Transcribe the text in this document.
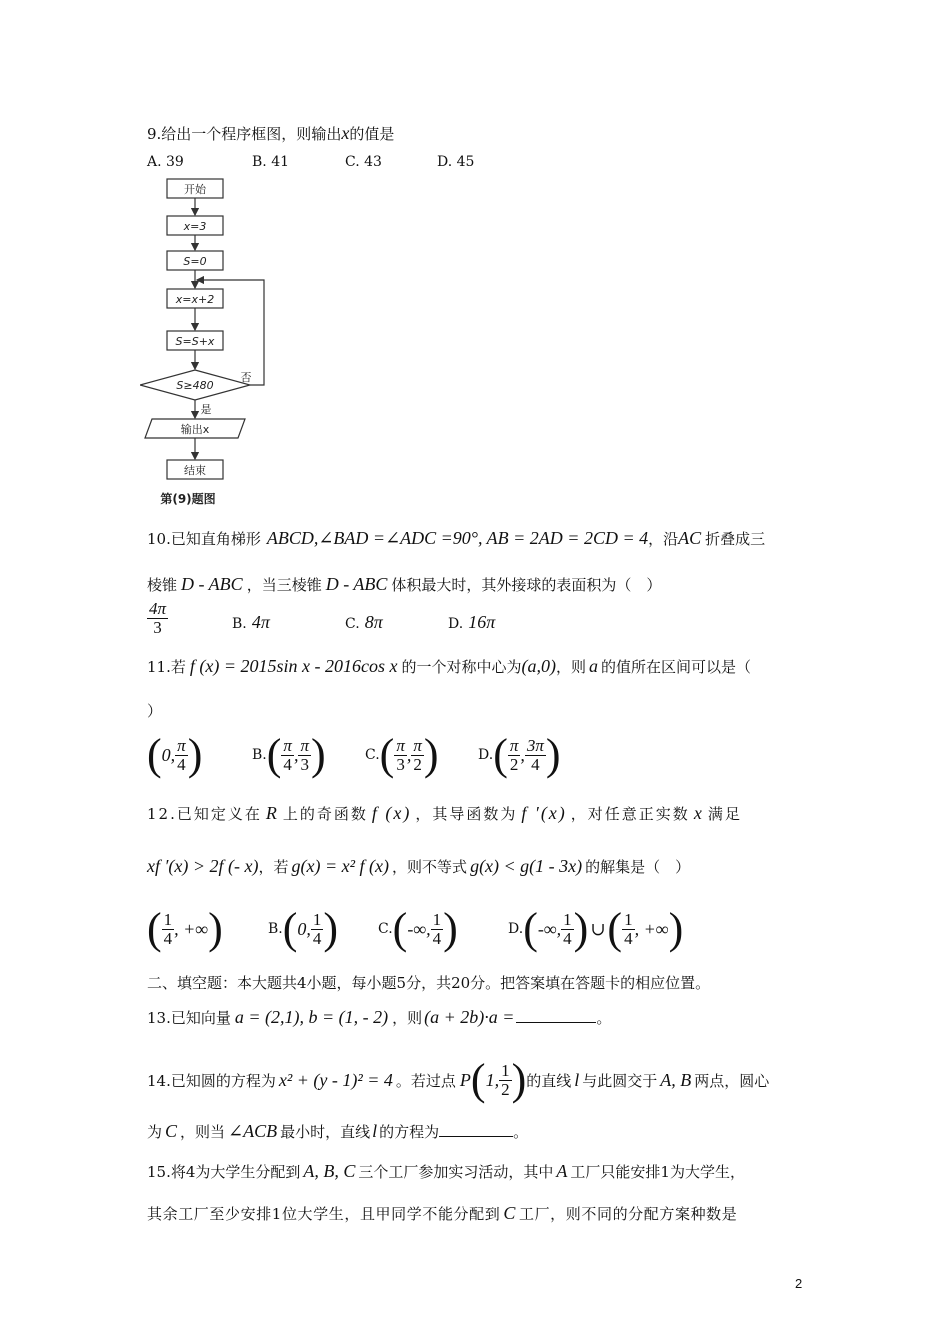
9.给出一个程序框图，则输出x的值是
A. 39	B. 41	C. 43	D. 45
开始
x=3
S=0
x=x+2
S=S+x
S≥480
否
是
输出x
结束
第(9)题图
10.已知直角梯形 ABCD,∠BAD =∠ADC =90°, AB = 2AD = 2CD = 4，沿AC 折叠成三
棱锥 D - ABC ，当三棱锥 D - ABC 体积最大时，其外接球的表面积为（　）
$\frac{4\pi}{3}$	B. 4π	C. 8π	D. 16π
11.若 f (x) = 2015sin x - 2016cos x 的一个对称中心为(a,0)，则 a 的值所在区间可以是（
）
( 0, $\frac{\pi}{4}$ )	B. ( $\frac{\pi}{4}$ , $\frac{\pi}{3}$ )	C. ( $\frac{\pi}{3}$ , $\frac{\pi}{2}$ )	D. ( $\frac{\pi}{2}$ , $\frac{3\pi}{4}$ )
12.已知定义在 R 上的奇函数 f (x) ，其导函数为 f ′(x) ，对任意正实数 x 满足
xf ′(x) > 2f (- x)，若 g(x) = x² f (x) ，则不等式 g(x) < g(1 - 3x) 的解集是（　）
( $\frac{1}{4}$ , +∞ )	B. ( 0, $\frac{1}{4}$ )	C. ( -∞, $\frac{1}{4}$ )	D. ( -∞, $\frac{1}{4}$ ) ∪ ( $\frac{1}{4}$ , +∞ )
二、填空题：本大题共4小题，每小题5分，共20分。把答案填在答题卡的相应位置。
13.已知向量 a = (2,1), b = (1, - 2) ，则 (a + 2b)·a =	。
14.已知圆的方程为 x² + (y - 1)² = 4 。若过点 P ( 1, $\frac{1}{2}$ ) 的直线 l 与此圆交于 A, B 两点，圆心
为 C ，则当 ∠ACB 最小时，直线 l 的方程为	。
15.将4为大学生分配到 A, B, C 三个工厂参加实习活动，其中 A 工厂只能安排1为大学生，
其余工厂至少安排1位大学生，且甲同学不能分配到 C 工厂，则不同的分配方案种数是
2
